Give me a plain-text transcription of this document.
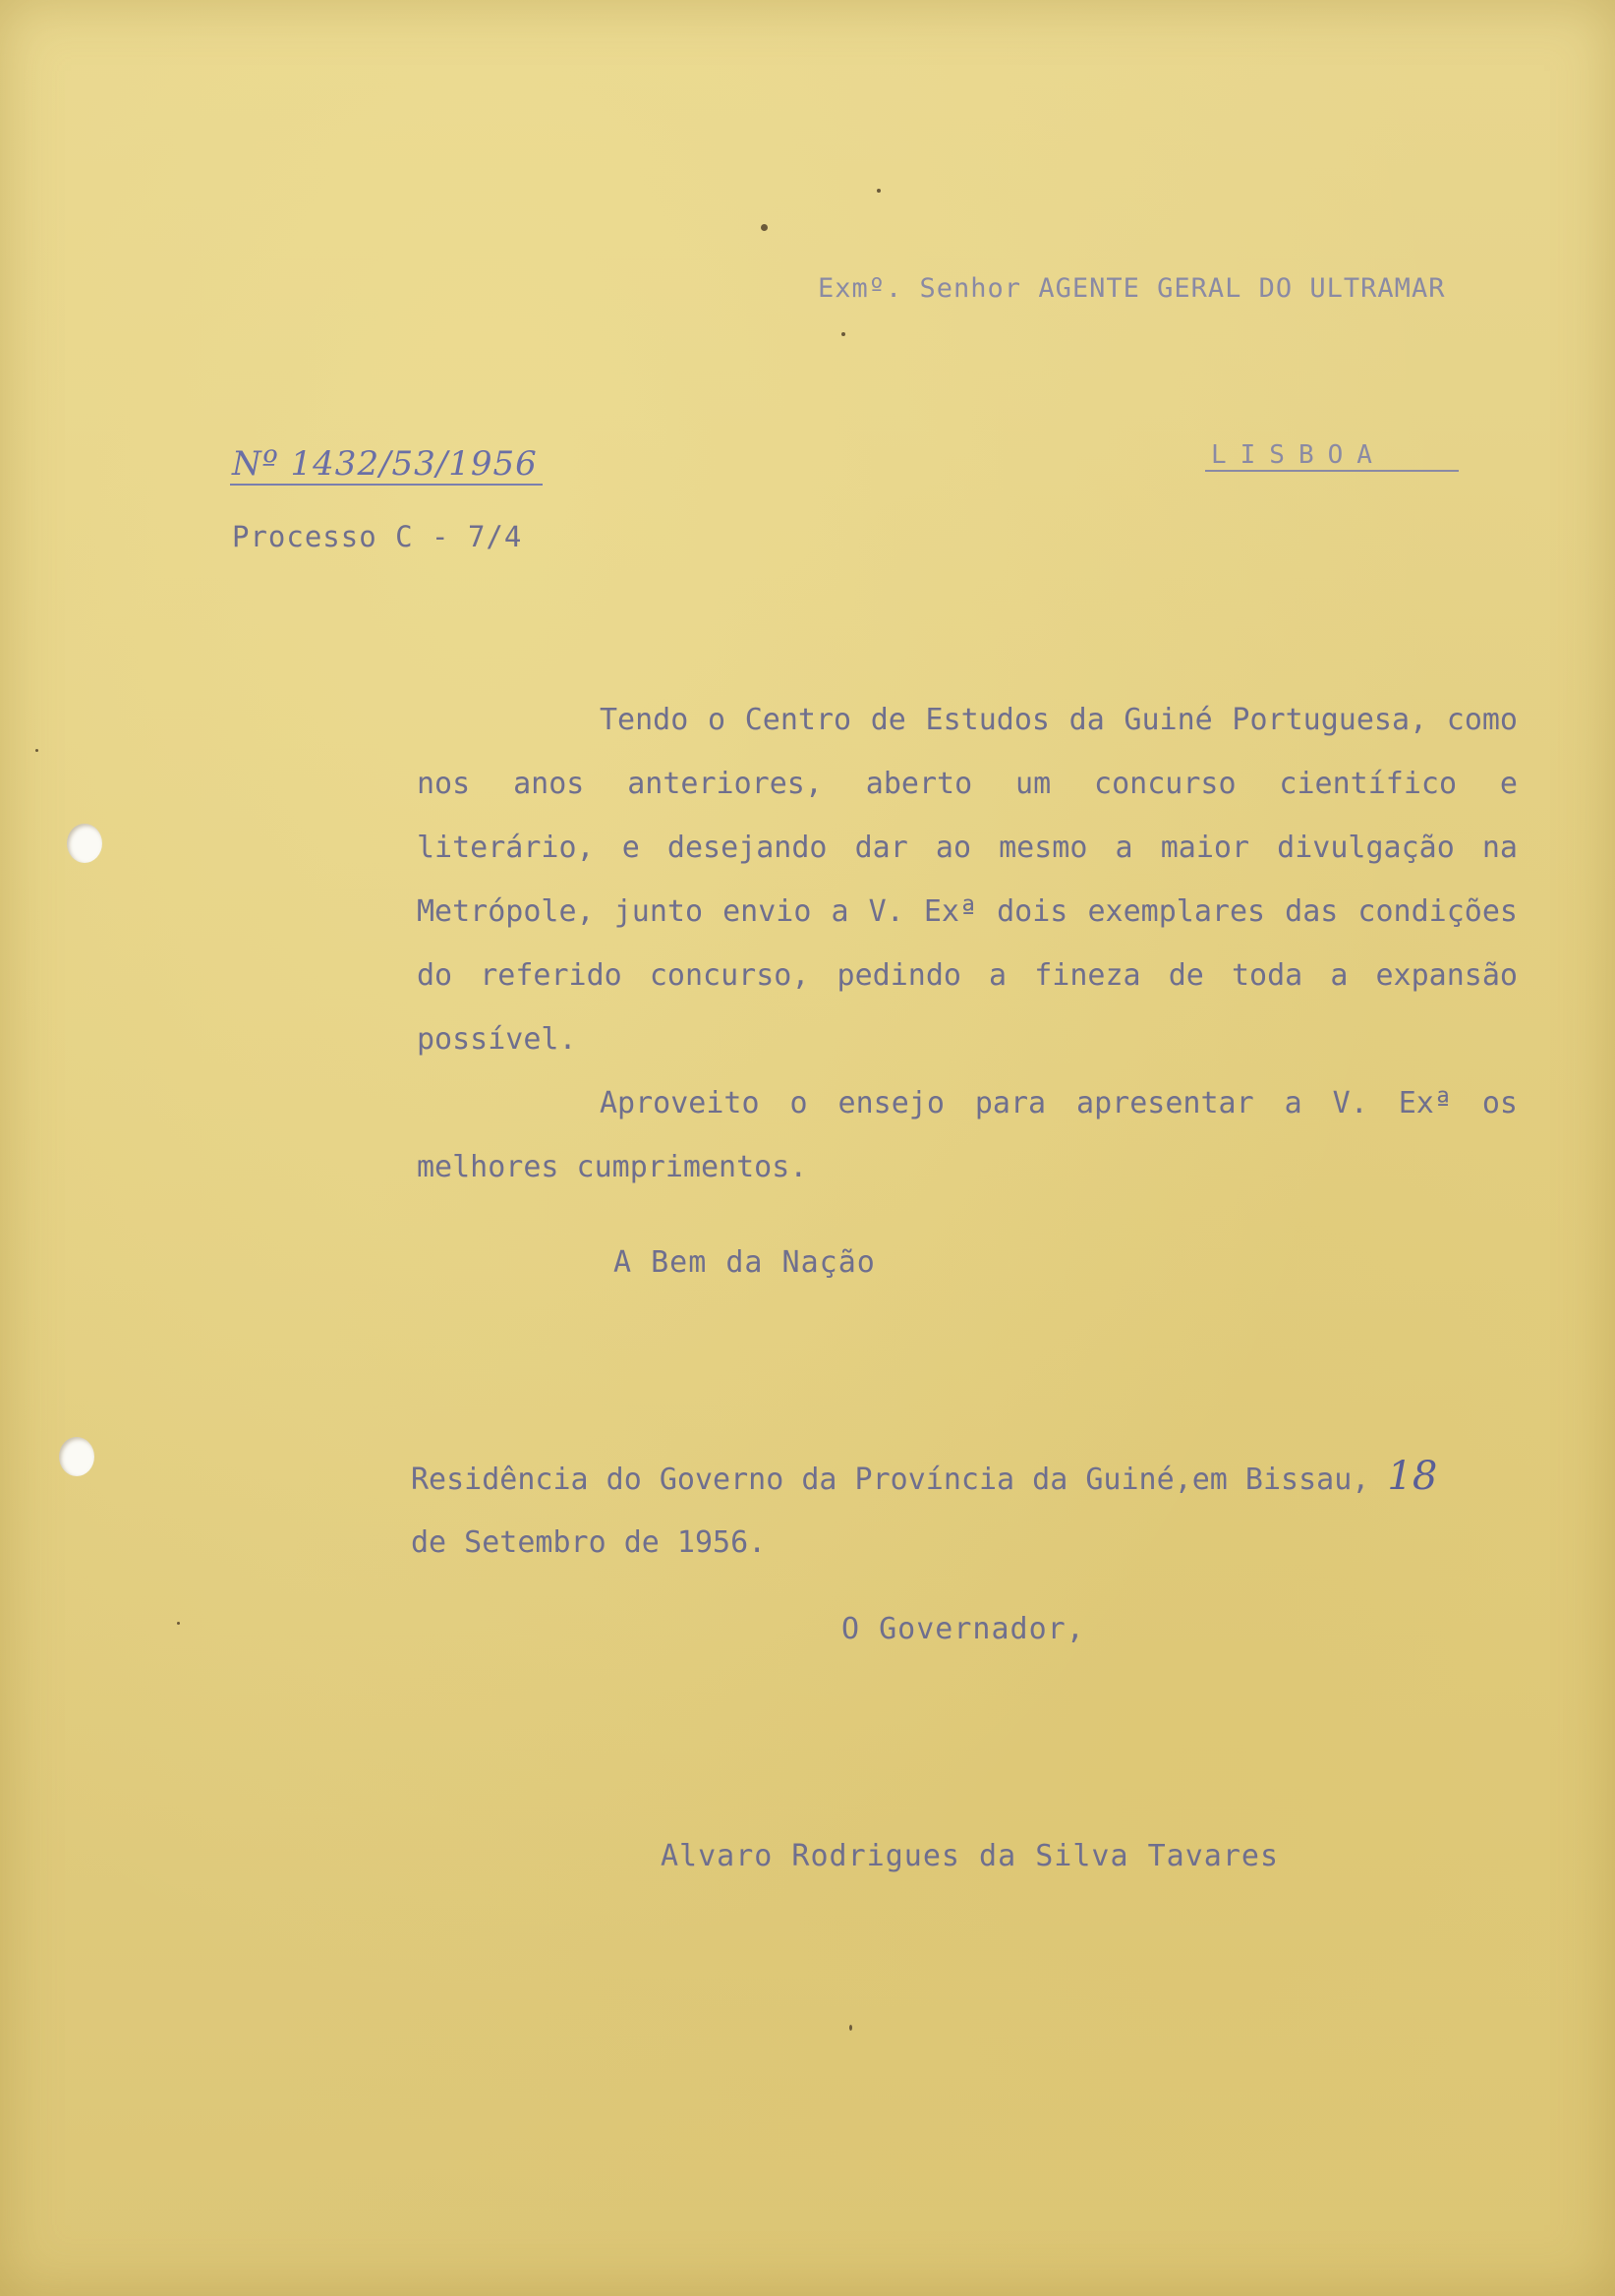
Exmº. Senhor AGENTE GERAL DO ULTRAMAR
LISBOA
Nº 1432/53/1956
Processo C - 7/4

Tendo o Centro de Estudos da Guiné Portuguesa, como nos anos anteriores, aberto um concurso científico e literário, e desejando dar ao mesmo a maior divulgação na Metrópole, junto envio a V. Exª dois exemplares das condições do referido concurso, pedindo a fineza de toda a expansão possível.

Aproveito o ensejo para apresentar a V. Exª os melhores cumprimentos.

A Bem da Nação
Residência do Governo da Província da Guiné,em Bissau, 18
de Setembro de 1956.
O Governador,
Alvaro Rodrigues da Silva Tavares
